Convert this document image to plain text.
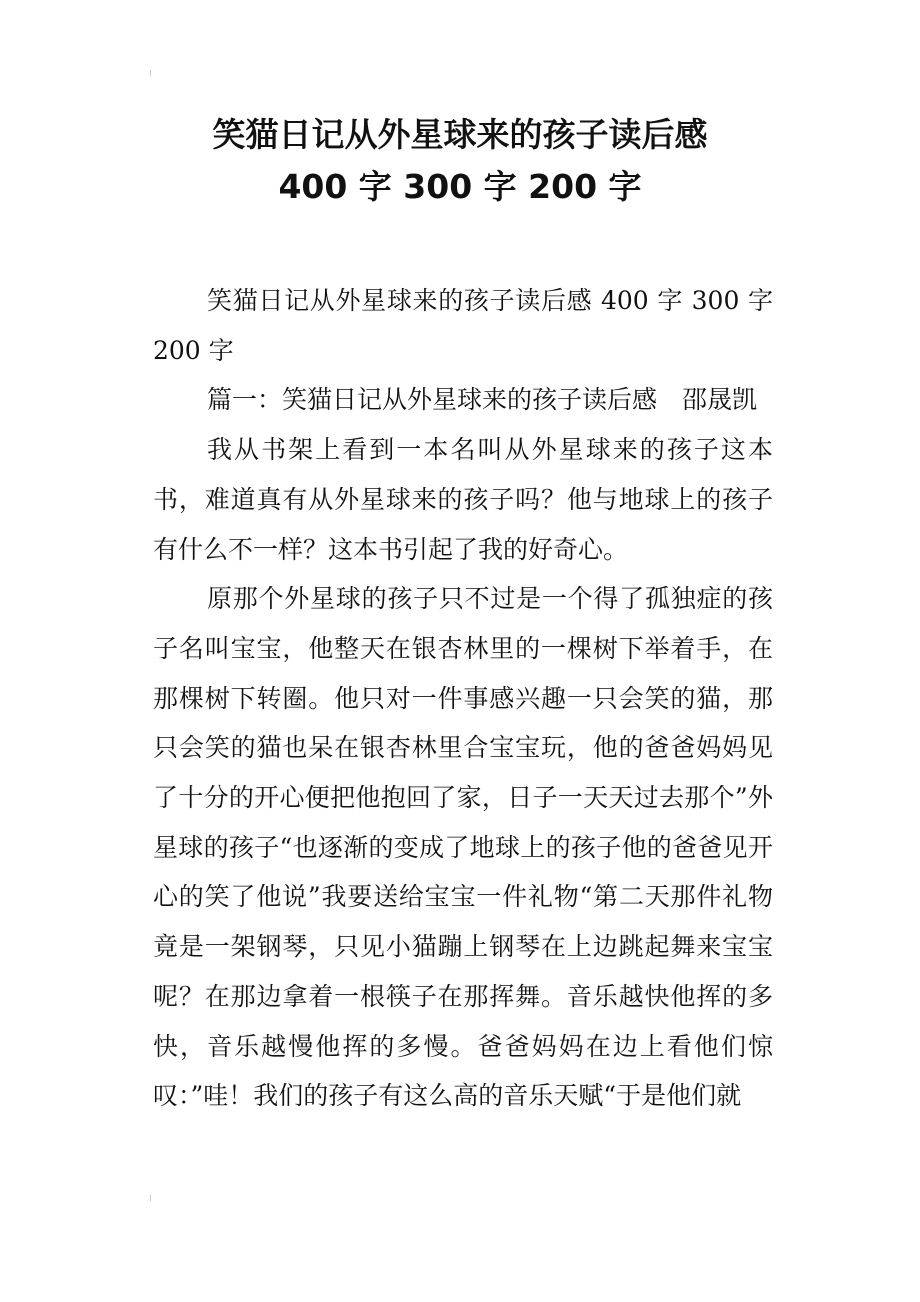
笑猫日记从外星球来的孩子读后感
400 字 300 字 200 字

笑猫日记从外星球来的孩子读后感 400 字 300 字 200 字

篇一：笑猫日记从外星球来的孩子读后感　邵晟凯

我从书架上看到一本名叫从外星球来的孩子这本书，难道真有从外星球来的孩子吗？他与地球上的孩子有什么不一样？这本书引起了我的好奇心。

原那个外星球的孩子只不过是一个得了孤独症的孩子名叫宝宝，他整天在银杏林里的一棵树下举着手，在那棵树下转圈。他只对一件事感兴趣一只会笑的猫，那只会笑的猫也呆在银杏林里合宝宝玩，他的爸爸妈妈见了十分的开心便把他抱回了家，日子一天天过去那个”外星球的孩子“也逐渐的变成了地球上的孩子他的爸爸见开心的笑了他说”我要送给宝宝一件礼物“第二天那件礼物竟是一架钢琴，只见小猫蹦上钢琴在上边跳起舞来宝宝呢？在那边拿着一根筷子在那挥舞。音乐越快他挥的多快，音乐越慢他挥的多慢。爸爸妈妈在边上看他们惊叹：”哇！我们的孩子有这么高的音乐天赋“于是他们就
